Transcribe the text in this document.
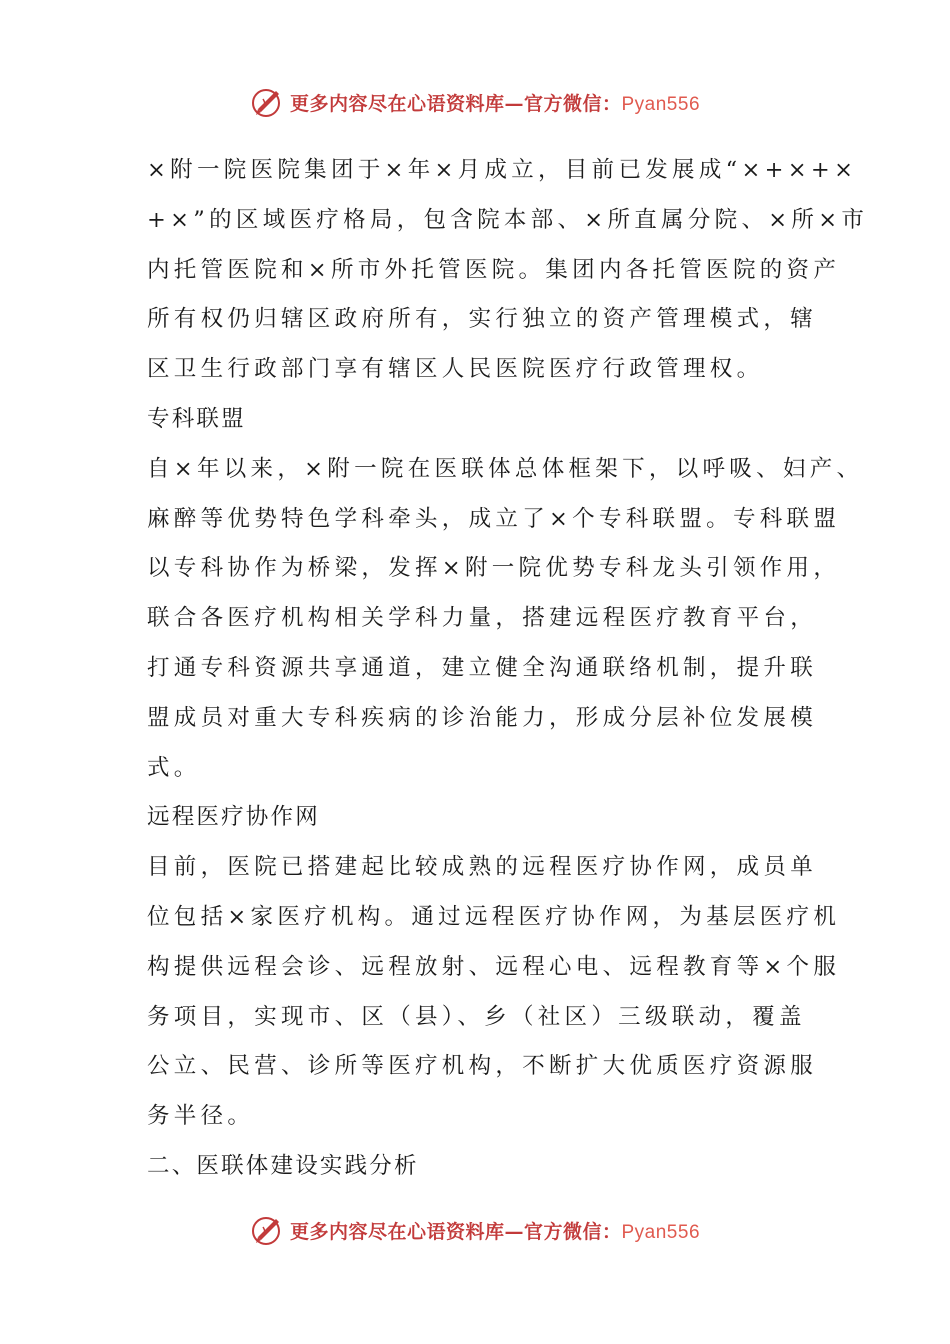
更多内容尽在心语资料库—官方微信：Pyan556
×附一院医院集团于×年×月成立，目前已发展成“×+×+×
+×”的区域医疗格局，包含院本部、×所直属分院、×所×市
内托管医院和×所市外托管医院。集团内各托管医院的资产
所有权仍归辖区政府所有，实行独立的资产管理模式，辖
区卫生行政部门享有辖区人民医院医疗行政管理权。
专科联盟
自×年以来，×附一院在医联体总体框架下，以呼吸、妇产、
麻醉等优势特色学科牵头，成立了×个专科联盟。专科联盟
以专科协作为桥梁，发挥×附一院优势专科龙头引领作用，
联合各医疗机构相关学科力量，搭建远程医疗教育平台，
打通专科资源共享通道，建立健全沟通联络机制，提升联
盟成员对重大专科疾病的诊治能力，形成分层补位发展模
式。
远程医疗协作网
目前，医院已搭建起比较成熟的远程医疗协作网，成员单
位包括×家医疗机构。通过远程医疗协作网，为基层医疗机
构提供远程会诊、远程放射、远程心电、远程教育等×个服
务项目，实现市、区（县）、乡（社区）三级联动，覆盖
公立、民营、诊所等医疗机构，不断扩大优质医疗资源服
务半径。
二、医联体建设实践分析
更多内容尽在心语资料库—官方微信：Pyan556
